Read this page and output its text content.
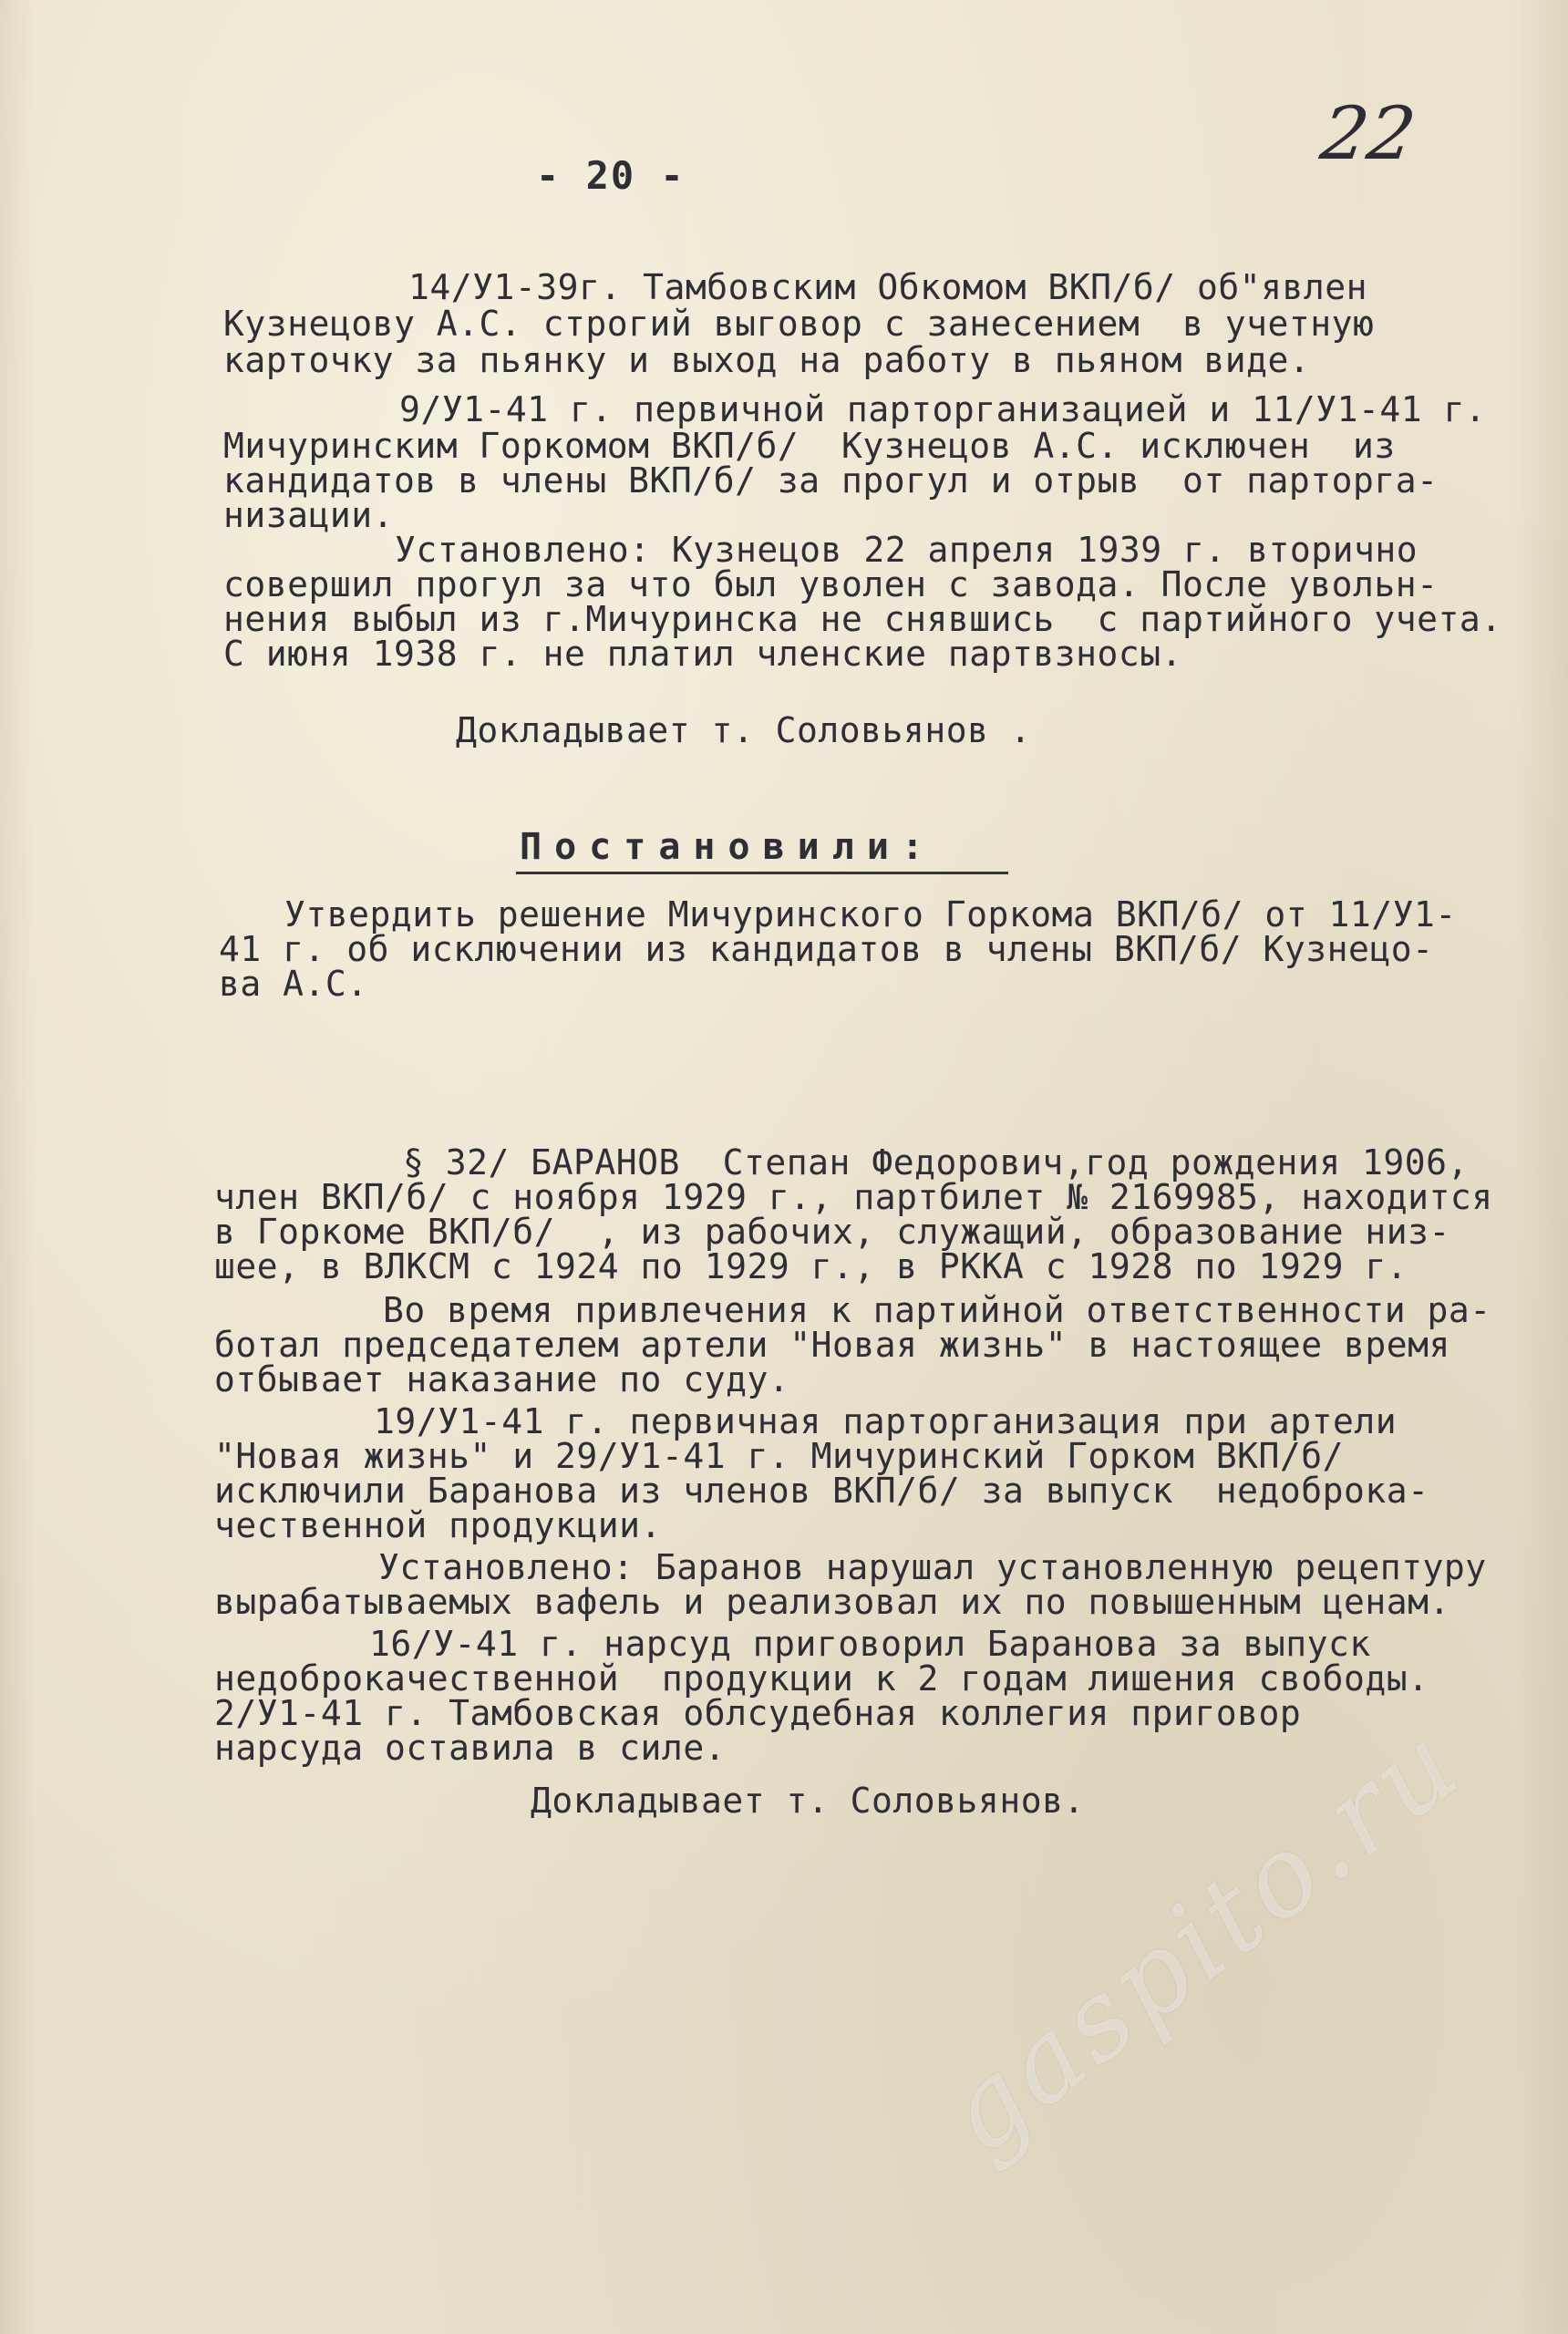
- 20 -	22
14/У1-39г. Тамбовским Обкомом ВКП/б/ об"явлен
Кузнецову А.С. строгий выговор с занесением  в учетную
карточку за пьянку и выход на работу в пьяном виде.
9/У1-41 г. первичной парторганизацией и 11/У1-41 г.
Мичуринским Горкомом ВКП/б/  Кузнецов А.С. исключен  из
кандидатов в члены ВКП/б/ за прогул и отрыв  от парторга-
низации.
Установлено: Кузнецов 22 апреля 1939 г. вторично
совершил прогул за что был уволен с завода. После увольн-
нения выбыл из г.Мичуринска не снявшись  с партийного учета.
С июня 1938 г. не платил членские партвзносы.
Докладывает т. Соловьянов .
Постановили:
Утвердить решение Мичуринского Горкома ВКП/б/ от 11/У1-
41 г. об исключении из кандидатов в члены ВКП/б/ Кузнецо-
ва А.С.
§ 32/ БАРАНОВ  Степан Федорович,год рождения 1906,
член ВКП/б/ с ноября 1929 г., партбилет № 2169985, находится
в Горкоме ВКП/б/  , из рабочих, служащий, образование низ-
шее, в ВЛКСМ с 1924 по 1929 г., в РККА с 1928 по 1929 г.
Во время привлечения к партийной ответственности ра-
ботал председателем артели "Новая жизнь" в настоящее время
отбывает наказание по суду.
19/У1-41 г. первичная парторганизация при артели
"Новая жизнь" и 29/У1-41 г. Мичуринский Горком ВКП/б/
исключили Баранова из членов ВКП/б/ за выпуск  недоброка-
чественной продукции.
Установлено: Баранов нарушал установленную рецептуру
вырабатываемых вафель и реализовал их по повышенным ценам.
16/У-41 г. нарсуд приговорил Баранова за выпуск
недоброкачественной  продукции к 2 годам лишения свободы.
2/У1-41 г. Тамбовская облсудебная коллегия приговор
нарсуда оставила в силе.
Докладывает т. Соловьянов.
gaspito.ru
